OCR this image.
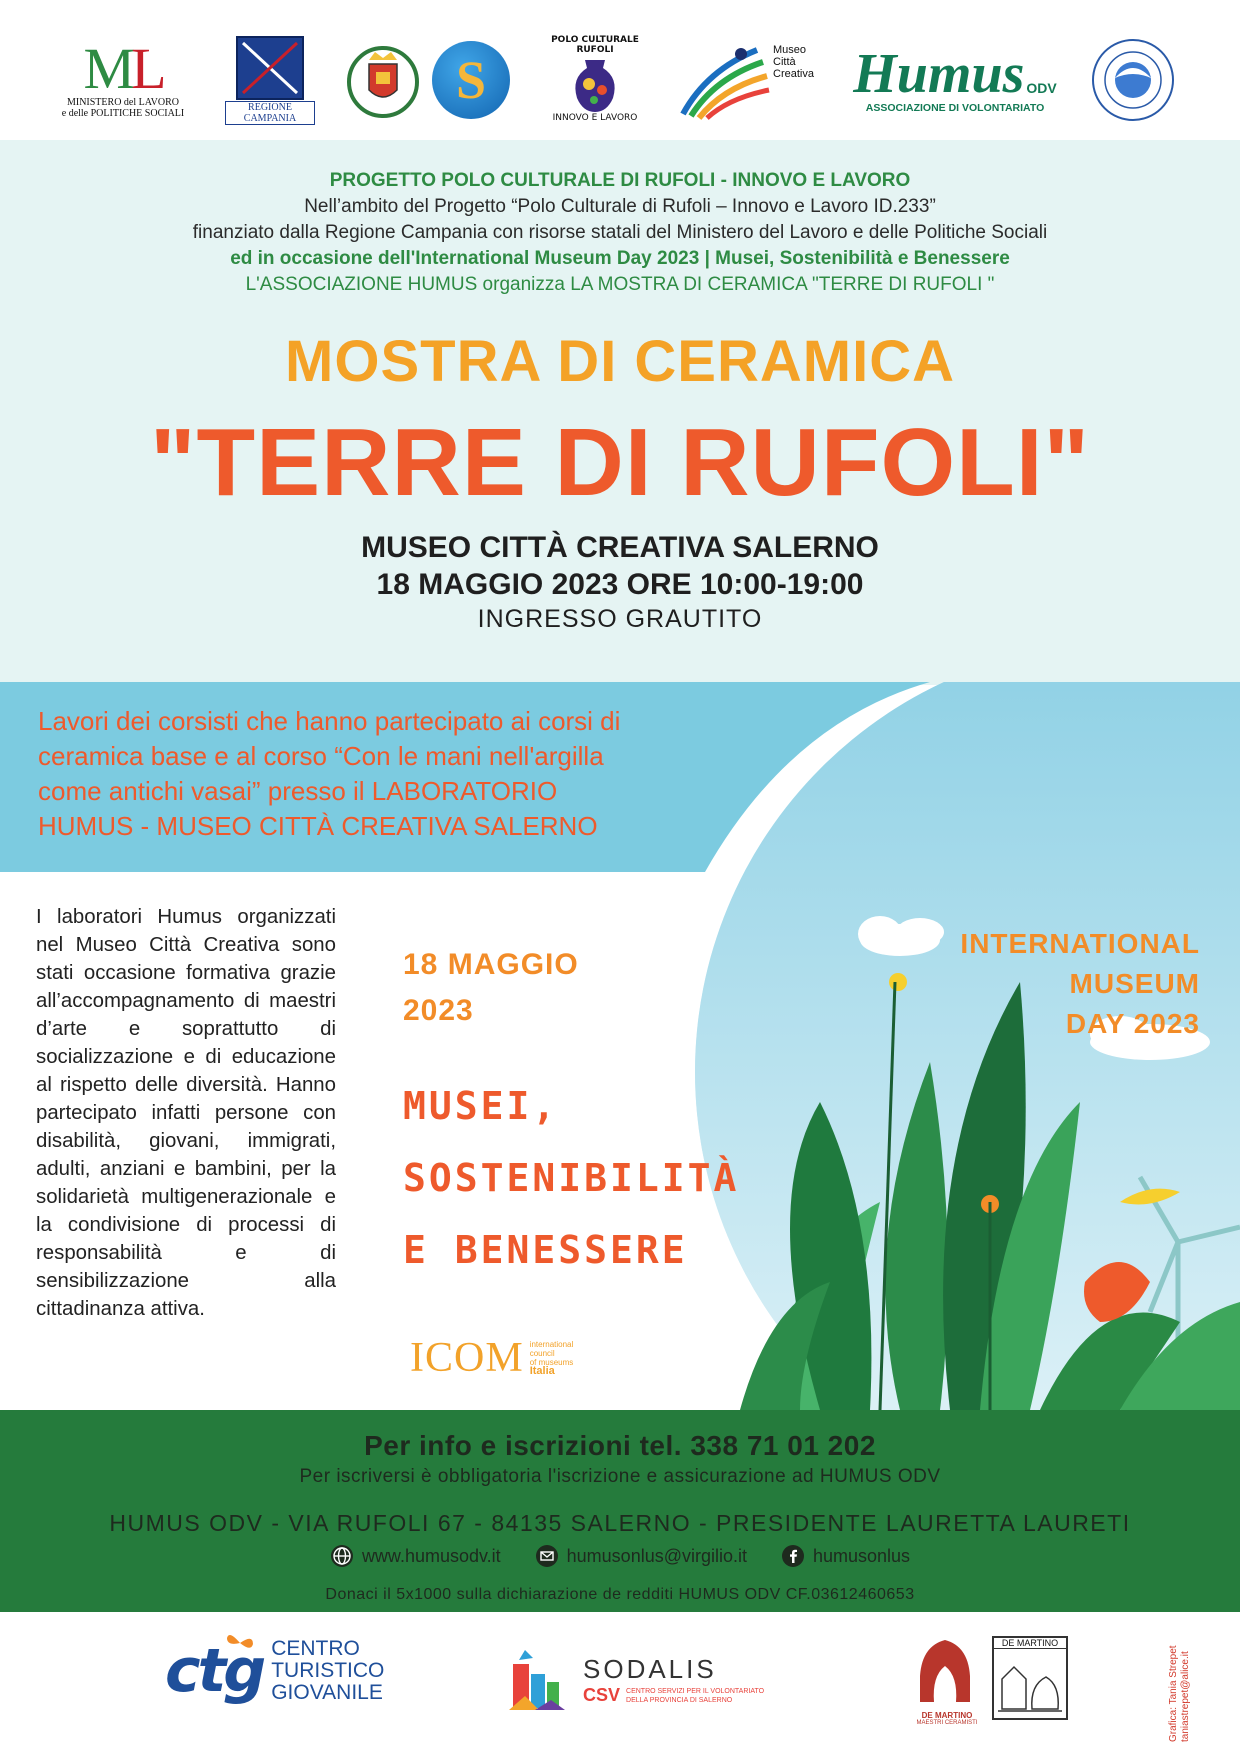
ML
MINISTERO del LAVORO
e delle POLITICHE SOCIALI
REGIONE CAMPANIA
S
POLO CULTURALE RUFOLI
INNOVO E LAVORO
Museo Città Creativa Humus ODV
ASSOCIAZIONE DI VOLONTARIATO
PROGETTO POLO CULTURALE DI RUFOLI - INNOVO E LAVORO
Nell’ambito del Progetto “Polo Culturale di Rufoli – Innovo e Lavoro ID.233”
finanziato dalla Regione Campania con risorse statali del Ministero del Lavoro e delle Politiche Sociali
ed in occasione dell'International Museum Day 2023 | Musei, Sostenibilità e Benessere
L'ASSOCIAZIONE HUMUS organizza LA MOSTRA DI CERAMICA "TERRE DI RUFOLI "
MOSTRA DI CERAMICA
"TERRE DI RUFOLI"
MUSEO CITTÀ CREATIVA SALERNO
18 MAGGIO 2023 ORE 10:00-19:00
INGRESSO GRAUTITO
Lavori dei corsisti che hanno partecipato ai corsi di
ceramica base e al corso “Con le mani nell'argilla
come antichi vasai” presso il LABORATORIO
HUMUS - MUSEO CITTÀ CREATIVA SALERNO
I laboratori Humus organizzati nel Museo Città Creativa sono stati occasione formativa grazie all’accompagnamento di maestri d’arte e soprattutto di socializzazione e di educazione al rispetto delle diversità. Hanno partecipato infatti persone con disabilità, giovani, immigrati, adulti, anziani e bambini, per la solidarietà multigenerazionale e la condivisione di processi di responsabilità e di sensibilizzazione alla cittadinanza attiva.
18 MAGGIO
2023
MUSEI,
SOSTENIBILITÀ
E BENESSERE
ICOM international
council
of museums
Italia
INTERNATIONAL
MUSEUM
DAY 2023
Per info e iscrizioni tel. 338 71 01 202
Per iscriversi è obbligatoria l'iscrizione e assicurazione ad HUMUS ODV
HUMUS ODV - VIA RUFOLI 67 - 84135 SALERNO - PRESIDENTE LAURETTA LAURETI
www.humusodv.it	humusonlus@virgilio.it	humusonlus
Donaci il 5x1000 sulla dichiarazione de redditi HUMUS ODV CF.03612460653
ctg CENTRO
TURISTICO
GIOVANILE
SODALIS
CSV CENTRO SERVIZI PER IL VOLONTARIATO
DELLA PROVINCIA DI SALERNO
DE MARTINO
MAESTRI CERAMISTI
DE MARTINO
Grafica: Tania Strepet taniastrepet@alice.it
